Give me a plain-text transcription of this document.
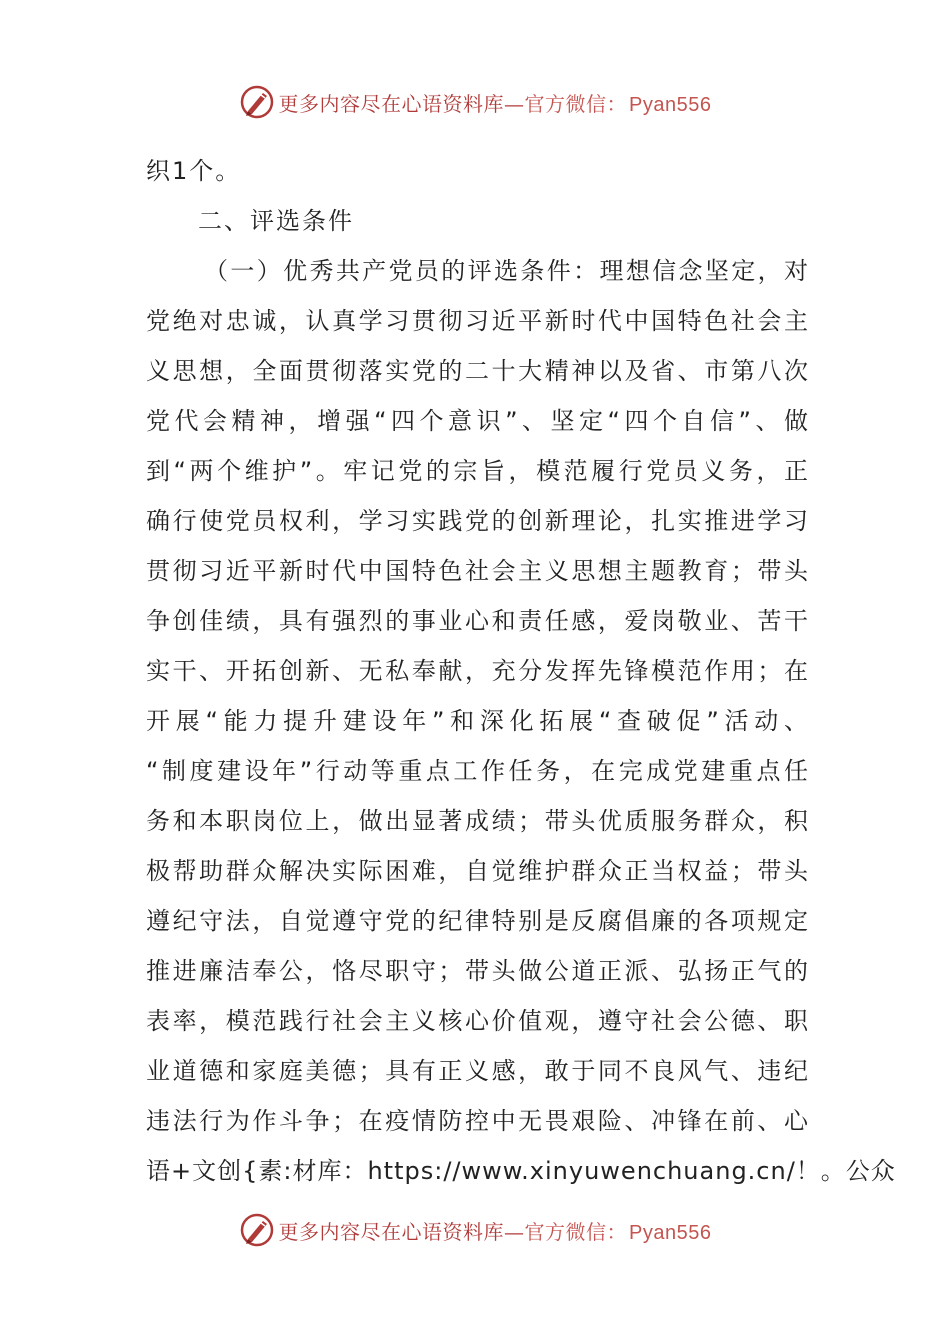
更多内容尽在心语资料库—官方微信： Pyan556
织1个。
二、评选条件
（一）优秀共产党员的评选条件：理想信念坚定，对
党绝对忠诚，认真学习贯彻习近平新时代中国特色社会主
义思想，全面贯彻落实党的二十大精神以及省、市第八次
党代会精神，增强“四个意识”、坚定“四个自信”、做
到“两个维护”。牢记党的宗旨，模范履行党员义务，正
确行使党员权利，学习实践党的创新理论，扎实推进学习
贯彻习近平新时代中国特色社会主义思想主题教育；带头
争创佳绩，具有强烈的事业心和责任感，爱岗敬业、苦干
实干、开拓创新、无私奉献，充分发挥先锋模范作用；在
开展“能力提升建设年”和深化拓展“查破促”活动、
“制度建设年”行动等重点工作任务，在完成党建重点任
务和本职岗位上，做出显著成绩；带头优质服务群众，积
极帮助群众解决实际困难，自觉维护群众正当权益；带头
遵纪守法，自觉遵守党的纪律特别是反腐倡廉的各项规定
推进廉洁奉公，恪尽职守；带头做公道正派、弘扬正气的
表率，模范践行社会主义核心价值观，遵守社会公德、职
业道德和家庭美德；具有正义感，敢于同不良风气、违纪
违法行为作斗争；在疫情防控中无畏艰险、冲锋在前、心
语+文创{素:材库：https://www.xinyuwenchuang.cn/！。公众
更多内容尽在心语资料库—官方微信： Pyan556
